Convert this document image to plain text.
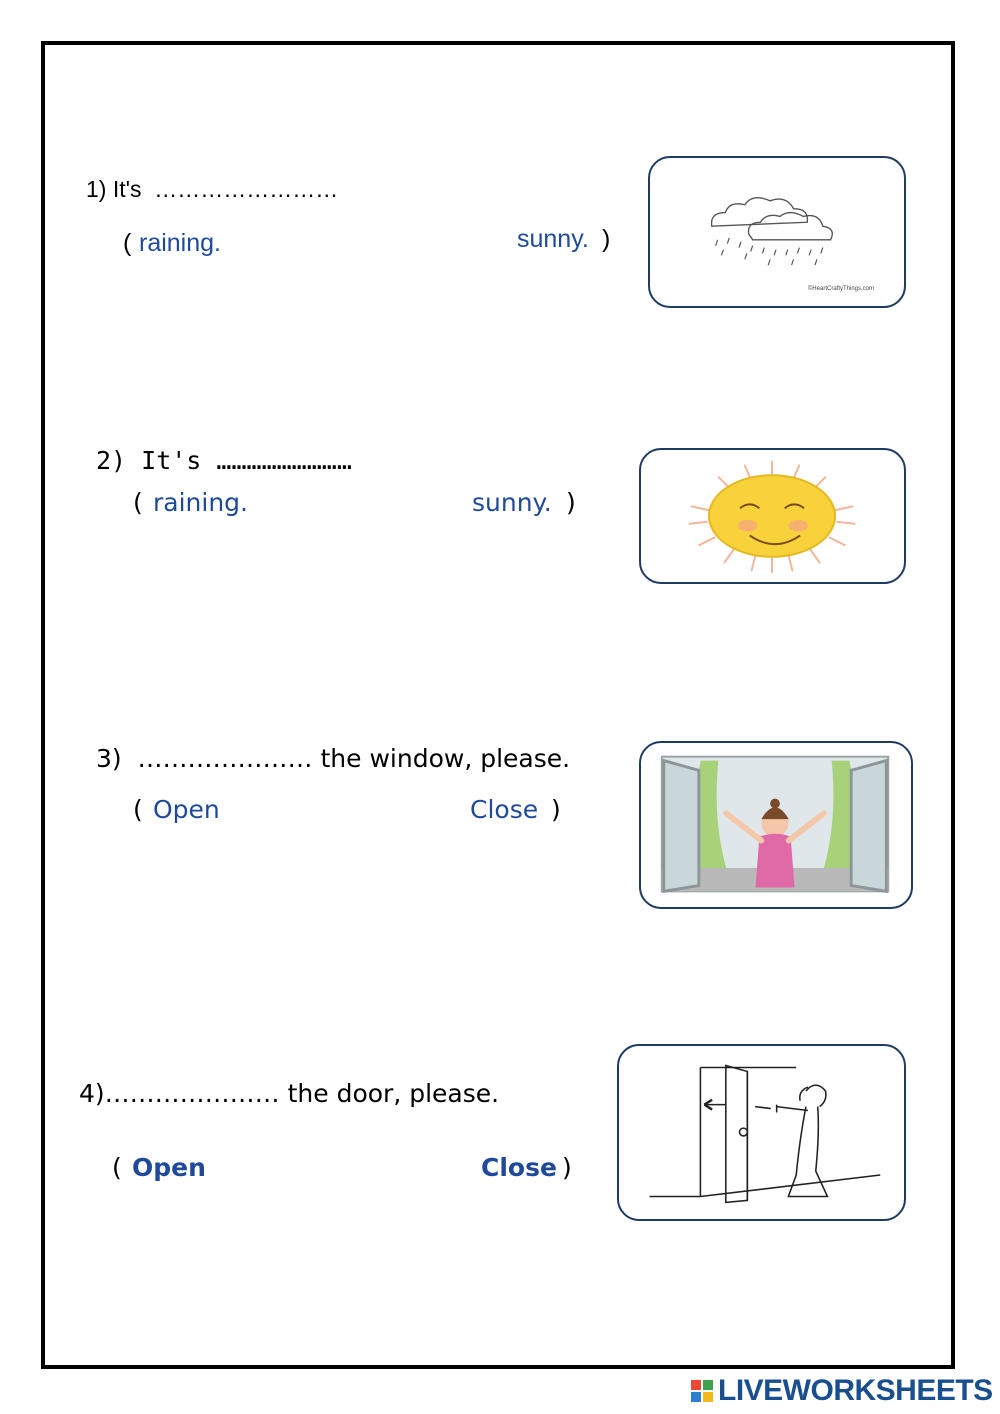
1) It's  ……………………
( raining.	sunny. )
©HeartCraftyThings.com
2) It's ………………………
( raining.	sunny. )
3)  ………………… the window, please.
( Open	Close )
4)………………… the door, please.
( Open	Close )
LIVEWORKSHEETS
